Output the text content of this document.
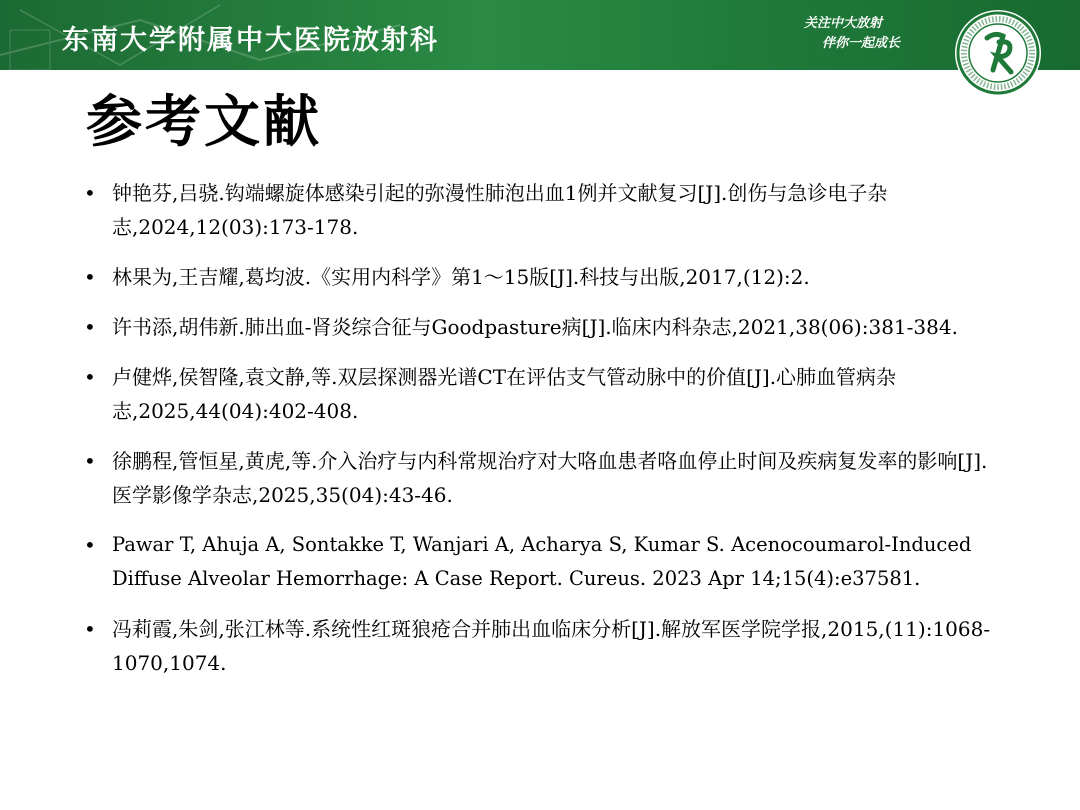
东南大学附属中大医院放射科
关注中大放射
伴你一起成长
参考文献
• 钟艳芬,吕骁.钩端螺旋体感染引起的弥漫性肺泡出血1例并文献复习[J].创伤与急诊电子杂志,2024,12(03):173-178.
• 林果为,王吉耀,葛均波.《实用内科学》第1～15版[J].科技与出版,2017,(12):2.
• 许书添,胡伟新.肺出血-肾炎综合征与Goodpasture病[J].临床内科杂志,2021,38(06):381-384.
• 卢健烨,侯智隆,袁文静,等.双层探测器光谱CT在评估支气管动脉中的价值[J].心肺血管病杂志,2025,44(04):402-408.
• 徐鹏程,管恒星,黄虎,等.介入治疗与内科常规治疗对大咯血患者咯血停止时间及疾病复发率的影响[J].医学影像学杂志,2025,35(04):43-46.
• Pawar T, Ahuja A, Sontakke T, Wanjari A, Acharya S, Kumar S. Acenocoumarol-Induced Diffuse Alveolar Hemorrhage: A Case Report. Cureus. 2023 Apr 14;15(4):e37581.
• 冯莉霞,朱剑,张江林等.系统性红斑狼疮合并肺出血临床分析[J].解放军医学院学报,2015,(11):1068-1070,1074.
